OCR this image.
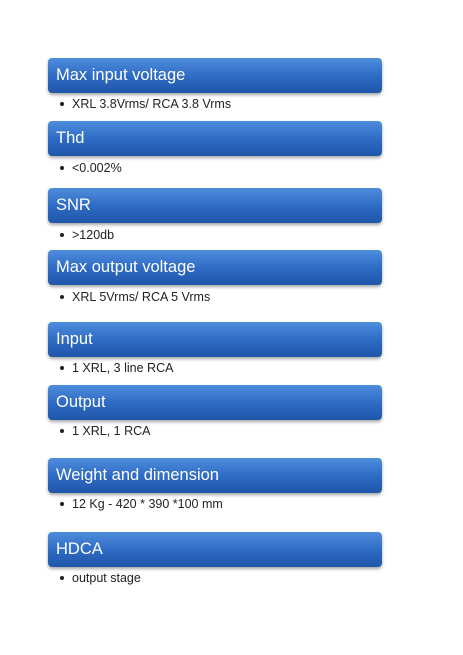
Max input voltage
XRL 3.8Vrms/ RCA 3.8 Vrms
Thd
<0.002%
SNR
>120db
Max output voltage
XRL 5Vrms/ RCA 5 Vrms
Input
1 XRL, 3 line RCA
Output
1 XRL, 1 RCA
Weight and dimension
12 Kg - 420 * 390 *100 mm
HDCA
output stage
